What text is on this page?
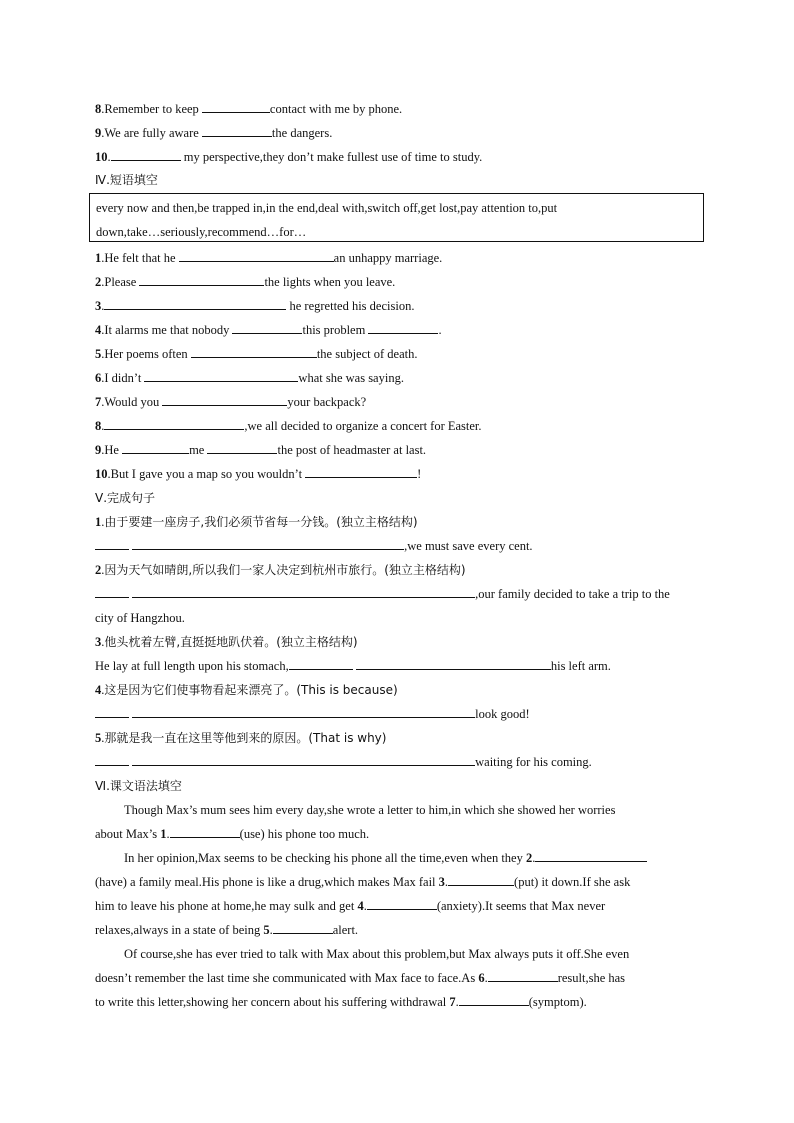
8.Remember to keep	contact with me by phone.
9.We are fully aware	the dangers.
10.	my perspective,they don’t make fullest use of time to study.
Ⅳ.短语填空
every now and then,be trapped in,in the end,deal with,switch off,get lost,pay attention to,put
down,take…seriously,recommend…for…
1.He felt that he	an unhappy marriage.
2.Please	the lights when you leave.
3.	he regretted his decision.
4.It alarms me that nobody	this problem	.
5.Her poems often	the subject of death.
6.I didn’t	what she was saying.
7.Would you	your backpack?
8.	,we all decided to organize a concert for Easter.
9.He	me	the post of headmaster at last.
10.But I gave you a map so you wouldn’t	!
Ⅴ.完成句子
1.由于要建一座房子,我们必须节省每一分钱。(独立主格结构)
,we must save every cent.
2.因为天气如晴朗,所以我们一家人决定到杭州市旅行。(独立主格结构)
,our family decided to take a trip to the
city of Hangzhou.
3.他头枕着左臂,直挺挺地趴伏着。(独立主格结构)
He lay at full length upon his stomach,	his left arm.
4.这是因为它们使事物看起来漂亮了。(This is because)
look good!
5.那就是我一直在这里等他到来的原因。(That is why)
waiting for his coming.
Ⅵ.课文语法填空
Though Max’s mum sees him every day,she wrote a letter to him,in which she showed her worries
about Max’s 1.	(use) his phone too much.
In her opinion,Max seems to be checking his phone all the time,even when they 2.
(have) a family meal.His phone is like a drug,which makes Max fail 3.	(put) it down.If she ask
him to leave his phone at home,he may sulk and get 4.	(anxiety).It seems that Max never
relaxes,always in a state of being 5.	alert.
Of course,she has ever tried to talk with Max about this problem,but Max always puts it off.She even
doesn’t remember the last time she communicated with Max face to face.As 6.	result,she has
to write this letter,showing her concern about his suffering withdrawal 7.	(symptom).
